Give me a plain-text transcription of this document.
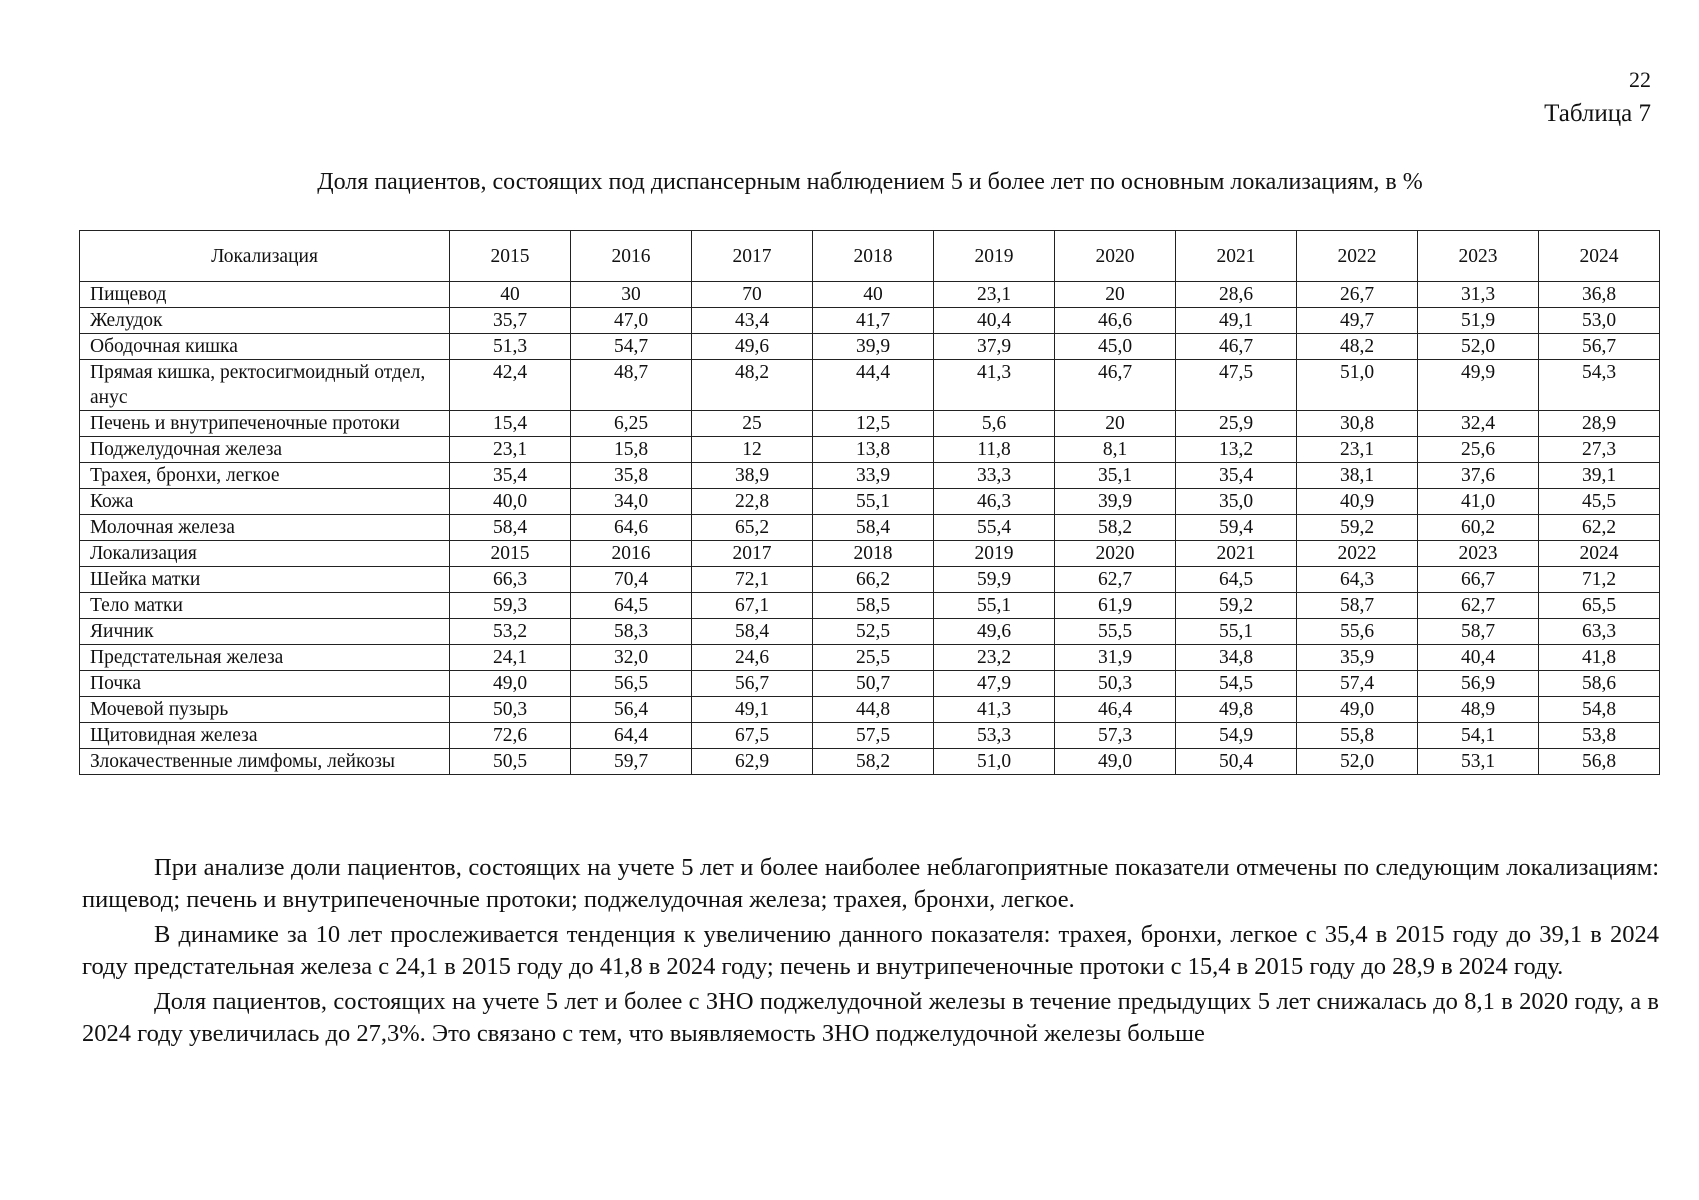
22
Таблица 7
Доля пациентов, состоящих под диспансерным наблюдением 5 и более лет по основным локализациям, в %
Локализация	2015	2016	2017	2018	2019	2020	2021	2022	2023	2024
Пищевод	40	30	70	40	23,1	20	28,6	26,7	31,3	36,8
Желудок	35,7	47,0	43,4	41,7	40,4	46,6	49,1	49,7	51,9	53,0
Ободочная кишка	51,3	54,7	49,6	39,9	37,9	45,0	46,7	48,2	52,0	56,7
Прямая кишка, ректосигмоидный отдел, анус	42,4	48,7	48,2	44,4	41,3	46,7	47,5	51,0	49,9	54,3
Печень и внутрипеченочные протоки	15,4	6,25	25	12,5	5,6	20	25,9	30,8	32,4	28,9
Поджелудочная железа	23,1	15,8	12	13,8	11,8	8,1	13,2	23,1	25,6	27,3
Трахея, бронхи, легкое	35,4	35,8	38,9	33,9	33,3	35,1	35,4	38,1	37,6	39,1
Кожа	40,0	34,0	22,8	55,1	46,3	39,9	35,0	40,9	41,0	45,5
Молочная железа	58,4	64,6	65,2	58,4	55,4	58,2	59,4	59,2	60,2	62,2
Локализация	2015	2016	2017	2018	2019	2020	2021	2022	2023	2024
Шейка матки	66,3	70,4	72,1	66,2	59,9	62,7	64,5	64,3	66,7	71,2
Тело матки	59,3	64,5	67,1	58,5	55,1	61,9	59,2	58,7	62,7	65,5
Яичник	53,2	58,3	58,4	52,5	49,6	55,5	55,1	55,6	58,7	63,3
Предстательная железа	24,1	32,0	24,6	25,5	23,2	31,9	34,8	35,9	40,4	41,8
Почка	49,0	56,5	56,7	50,7	47,9	50,3	54,5	57,4	56,9	58,6
Мочевой пузырь	50,3	56,4	49,1	44,8	41,3	46,4	49,8	49,0	48,9	54,8
Щитовидная железа	72,6	64,4	67,5	57,5	53,3	57,3	54,9	55,8	54,1	53,8
Злокачественные лимфомы, лейкозы	50,5	59,7	62,9	58,2	51,0	49,0	50,4	52,0	53,1	56,8

При анализе доли пациентов, состоящих на учете 5 лет и более наиболее неблагоприятные показатели отмечены по следующим локализациям: пищевод; печень и внутрипеченочные протоки; поджелудочная железа; трахея, бронхи, легкое.

В динамике за 10 лет прослеживается тенденция к увеличению данного показателя: трахея, бронхи, легкое с 35,4 в 2015 году до 39,1 в 2024 году предстательная железа с 24,1 в 2015 году до 41,8 в 2024 году; печень и внутрипеченочные протоки с 15,4 в 2015 году до 28,9 в 2024 году.

Доля пациентов, состоящих на учете 5 лет и более с ЗНО поджелудочной железы в течение предыдущих 5 лет снижалась до 8,1 в 2020 году, а в 2024 году увеличилась до 27,3%. Это связано с тем, что выявляемость ЗНО поджелудочной железы больше
